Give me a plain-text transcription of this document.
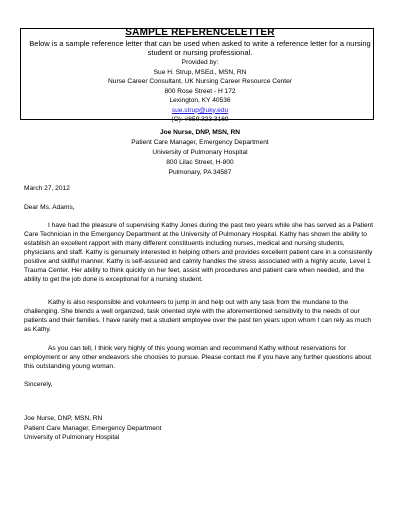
SAMPLE REFERENCELETTER
Below is a sample reference letter that can be used when asked to write a reference letter for a nursing student or nursing professional.
Provided by:
Sue H. Strup, MSEd., MSN, RN
Nurse Career Consultant, UK Nursing Career Resource Center
800 Rose Street - H 172
Lexington, KY 40536
sue.strup@uky.edu
(O): #859.323.3169
Joe Nurse, DNP, MSN, RN
Patient Care Manager, Emergency Department
University of Pulmonary Hospital
800 Lilac Street, H-800
Pulmonary, PA 34587
March 27, 2012
Dear Ms. Adams,
I have had the pleasure of supervising Kathy Jones during the past two years while she has served as a Patient Care Technician in the Emergency Department at the University of Pulmonary Hospital. Kathy has shown the ability to establish an excellent rapport with many different constituents including nurses, medical and nursing students, physicians and staff. Kathy is genuinely interested in helping others and provides excellent patient care in a consistently positive and skillful manner. Kathy is self-assured and calmly handles the stress associated with a highly acute, Level 1 Trauma Center. Her ability to think quickly on her feet, assist with procedures and patient care when needed, and the ability to get the job done is exceptional for a nursing student.
Kathy is also responsible and volunteers to jump in and help out with any task from the mundane to the challenging. She blends a well organized, task oriented style with the aforementioned sensitivity to the needs of our patients and their families. I have rarely met a student employee over the past ten years upon whom I can rely as much as Kathy.
As you can tell, I think very highly of this young woman and recommend Kathy without reservations for employment or any other endeavors she chooses to pursue. Please contact me if you have any further questions about this outstanding young woman.
Sincerely,
Joe Nurse, DNP, MSN, RN
Patient Care Manager, Emergency Department
University of Pulmonary Hospital
